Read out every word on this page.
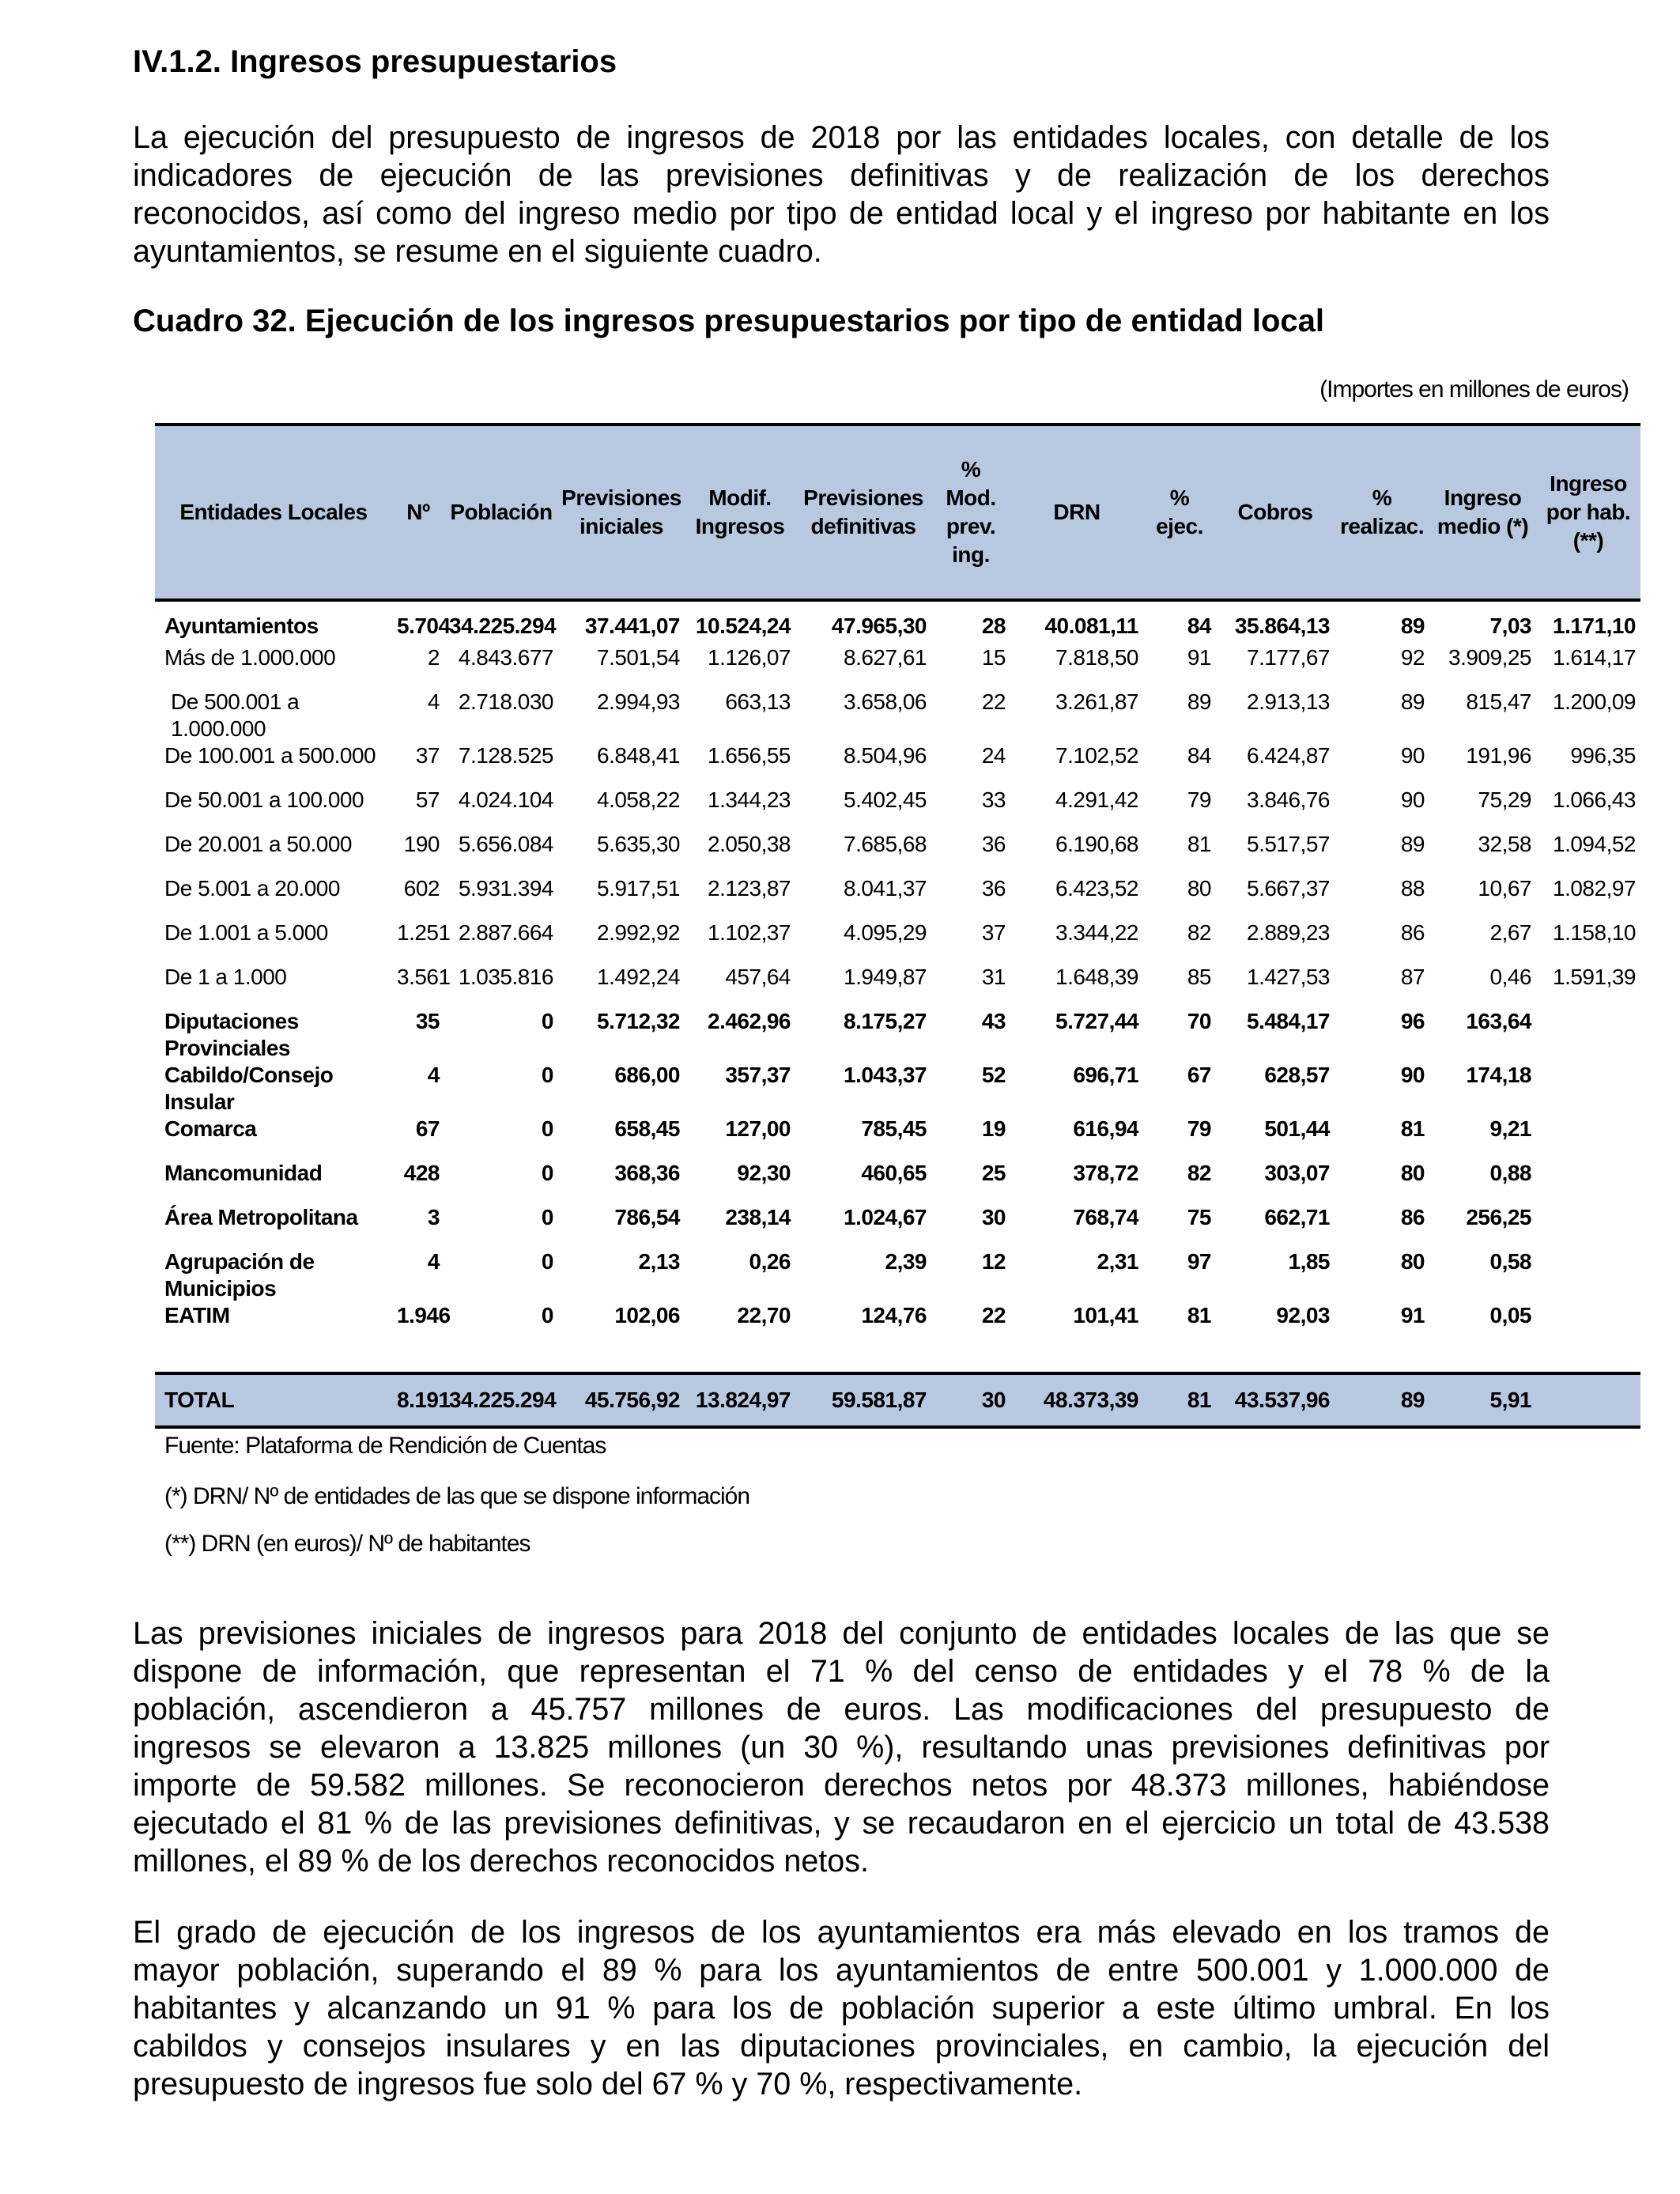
IV.1.2. Ingresos presupuestarios

La ejecución del presupuesto de ingresos de 2018 por las entidades locales, con detalle de los
indicadores de ejecución de las previsiones definitivas y de realización de los derechos
reconocidos, así como del ingreso medio por tipo de entidad local y el ingreso por habitante en los
ayuntamientos, se resume en el siguiente cuadro.

Cuadro 32. Ejecución de los ingresos presupuestarios por tipo de entidad local
(Importes en millones de euros)
Entidades Locales	Nº	Población	Previsiones iniciales	Modif. Ingresos	Previsiones definitivas	% Mod. prev. ing.	DRN	% ejec.	Cobros	% realizac.	Ingreso medio (*)	Ingreso por hab. (**)
Ayuntamientos	5.704	34.225.294	37.441,07	10.524,24	47.965,30	28	40.081,11	84	35.864,13	89	7,03	1.171,10
Más de 1.000.000	2	4.843.677	7.501,54	1.126,07	8.627,61	15	7.818,50	91	7.177,67	92	3.909,25	1.614,17
De 500.001 a 1.000.000	4	2.718.030	2.994,93	663,13	3.658,06	22	3.261,87	89	2.913,13	89	815,47	1.200,09
De 100.001 a 500.000	37	7.128.525	6.848,41	1.656,55	8.504,96	24	7.102,52	84	6.424,87	90	191,96	996,35
De 50.001 a 100.000	57	4.024.104	4.058,22	1.344,23	5.402,45	33	4.291,42	79	3.846,76	90	75,29	1.066,43
De 20.001 a 50.000	190	5.656.084	5.635,30	2.050,38	7.685,68	36	6.190,68	81	5.517,57	89	32,58	1.094,52
De 5.001 a 20.000	602	5.931.394	5.917,51	2.123,87	8.041,37	36	6.423,52	80	5.667,37	88	10,67	1.082,97
De 1.001 a 5.000	1.251	2.887.664	2.992,92	1.102,37	4.095,29	37	3.344,22	82	2.889,23	86	2,67	1.158,10
De 1 a 1.000	3.561	1.035.816	1.492,24	457,64	1.949,87	31	1.648,39	85	1.427,53	87	0,46	1.591,39
Diputaciones Provinciales	35	0	5.712,32	2.462,96	8.175,27	43	5.727,44	70	5.484,17	96	163,64	
Cabildo/Consejo Insular	4	0	686,00	357,37	1.043,37	52	696,71	67	628,57	90	174,18	
Comarca	67	0	658,45	127,00	785,45	19	616,94	79	501,44	81	9,21	
Mancomunidad	428	0	368,36	92,30	460,65	25	378,72	82	303,07	80	0,88	
Área Metropolitana	3	0	786,54	238,14	1.024,67	30	768,74	75	662,71	86	256,25	
Agrupación de Municipios	4	0	2,13	0,26	2,39	12	2,31	97	1,85	80	0,58	
EATIM	1.946	0	102,06	22,70	124,76	22	101,41	81	92,03	91	0,05	

TOTAL	8.191	34.225.294	45.756,92	13.824,97	59.581,87	30	48.373,39	81	43.537,96	89	5,91	
Fuente: Plataforma de Rendición de Cuentas
(*) DRN/ Nº de entidades de las que se dispone información
(**) DRN (en euros)/ Nº de habitantes

Las previsiones iniciales de ingresos para 2018 del conjunto de entidades locales de las que se
dispone de información, que representan el 71 % del censo de entidades y el 78 % de la
población, ascendieron a 45.757 millones de euros. Las modificaciones del presupuesto de
ingresos se elevaron a 13.825 millones (un 30 %), resultando unas previsiones definitivas por
importe de 59.582 millones. Se reconocieron derechos netos por 48.373 millones, habiéndose
ejecutado el 81 % de las previsiones definitivas, y se recaudaron en el ejercicio un total de 43.538
millones, el 89 % de los derechos reconocidos netos.

El grado de ejecución de los ingresos de los ayuntamientos era más elevado en los tramos de
mayor población, superando el 89 % para los ayuntamientos de entre 500.001 y 1.000.000 de
habitantes y alcanzando un 91 % para los de población superior a este último umbral. En los
cabildos y consejos insulares y en las diputaciones provinciales, en cambio, la ejecución del
presupuesto de ingresos fue solo del 67 % y 70 %, respectivamente.
